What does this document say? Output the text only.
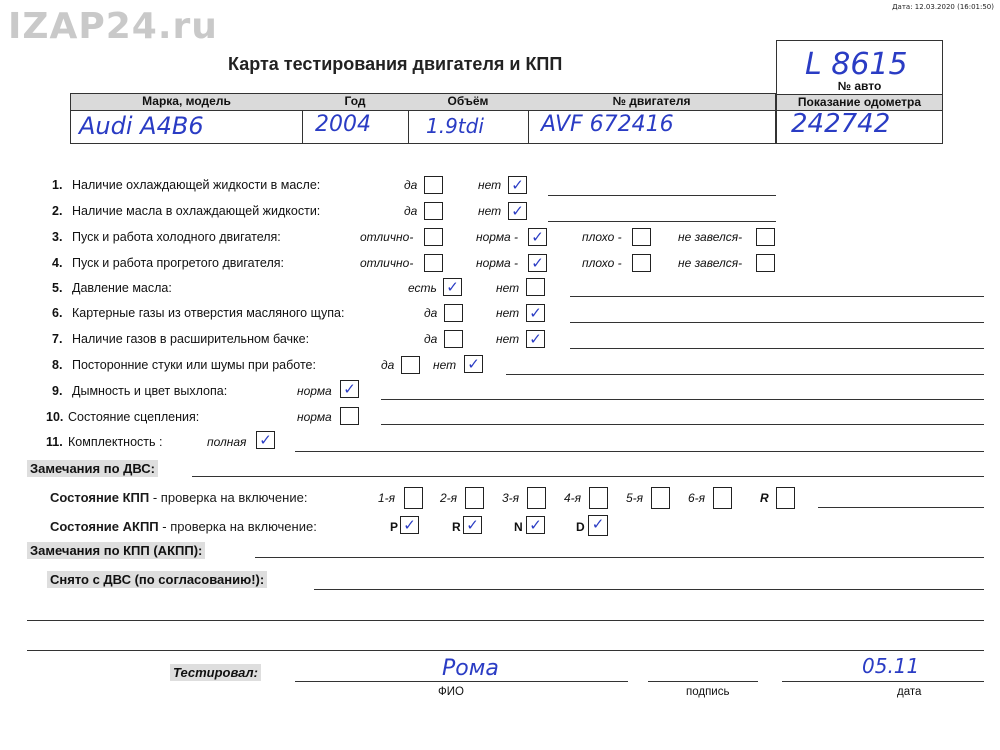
IZAP24.ru	Дата: 12.03.2020 (16:01:50)
Карта тестирования двигателя и КПП
Марка, модель	Год	Объём	№ двигателя
Audi A4B6	2004	1.9tdi	AVF 672416
L 8615
№ авто
Показание одометра
242742
1. Наличие охлаждающей жидкости в масле:	да	нет ✓
2. Наличие масла в охлаждающей жидкости:	да	нет ✓
3. Пуск и работа холодного двигателя:	отлично-	норма - ✓	плохо -	не завелся-
4. Пуск и работа прогретого двигателя:	отлично-	норма - ✓	плохо -	не завелся-
5. Давление масла:	есть ✓	нет
6. Картерные газы из отверстия масляного щупа:	да	нет ✓
7. Наличие газов в расширительном бачке:	да	нет ✓
8. Посторонние стуки или шумы при работе:	да	нет ✓
9. Дымность и цвет выхлопа:	норма ✓
10. Состояние сцепления:	норма
11. Комплектность :	полная ✓
Замечания по ДВС:
Состояние КПП - проверка на включение:	1-я	2-я	3-я	4-я	5-я	6-я	R
Состояние АКПП - проверка на включение:	P ✓	R ✓	N ✓	D ✓
Замечания по КПП (АКПП):
Снято с ДВС (по согласованию!):
Тестировал:	Рома	05.11
ФИО	подпись	дата
